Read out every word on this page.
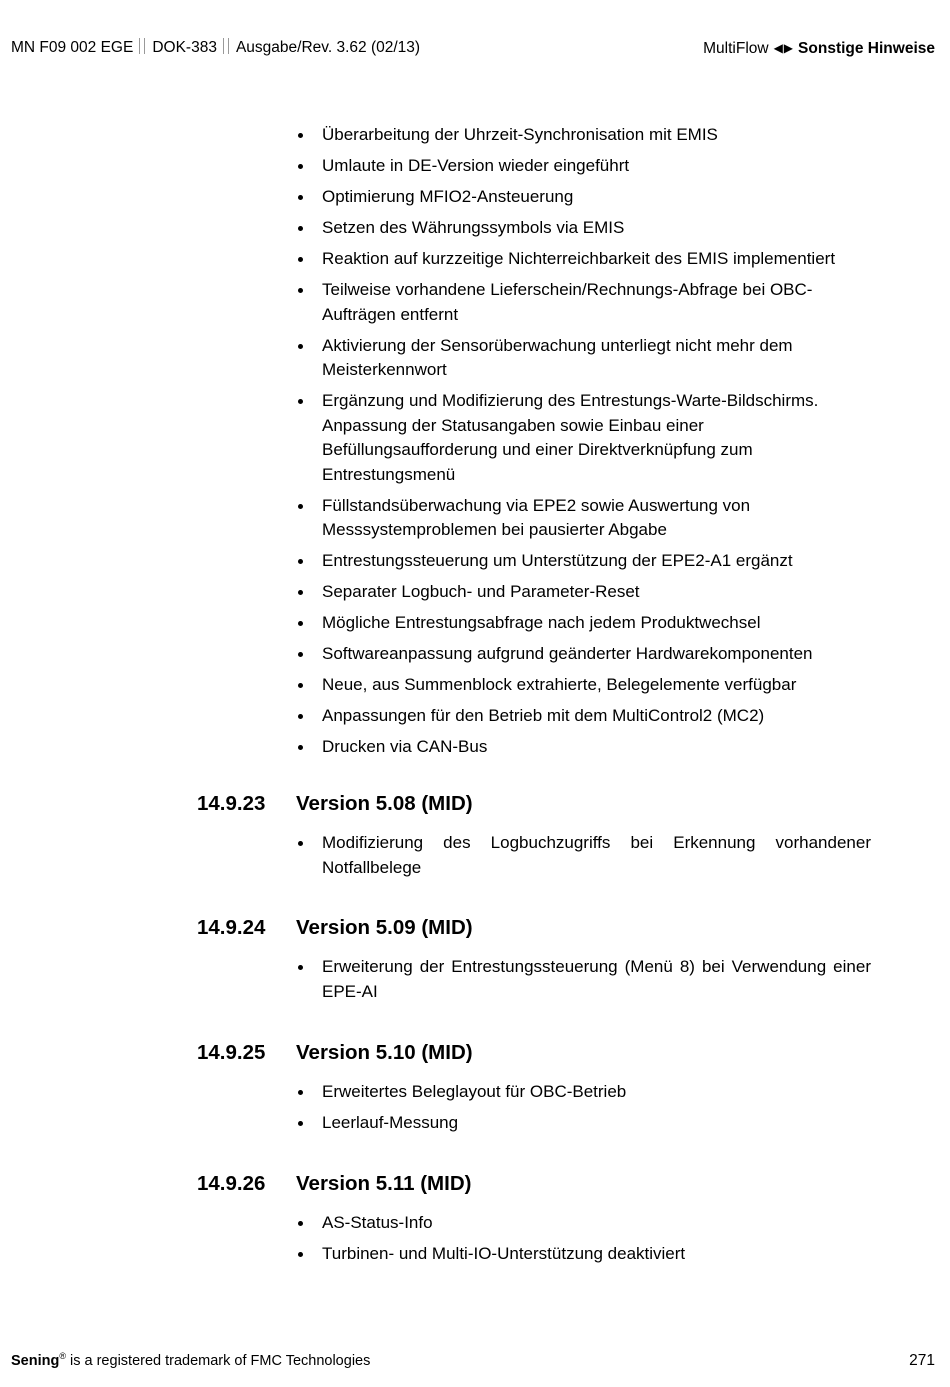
MN F09 002 EGE DOK-383 Ausgabe/Rev. 3.62 (02/13)	MultiFlow ◀▶ Sonstige Hinweise
Überarbeitung der Uhrzeit-Synchronisation mit EMIS
Umlaute in DE-Version wieder eingeführt
Optimierung MFIO2-Ansteuerung
Setzen des Währungssymbols via EMIS
Reaktion auf kurzzeitige Nichterreichbarkeit des EMIS implementiert
Teilweise vorhandene Lieferschein/Rechnungs-Abfrage bei OBC-Aufträgen entfernt
Aktivierung der Sensorüberwachung unterliegt nicht mehr dem Meisterkennwort
Ergänzung und Modifizierung des Entrestungs-Warte-Bildschirms. Anpassung der Statusangaben sowie Einbau einer Befüllungsaufforderung und einer Direktverknüpfung zum Entrestungsmenü
Füllstandsüberwachung via EPE2 sowie Auswertung von Messsystemproblemen bei pausierter Abgabe
Entrestungssteuerung um Unterstützung der EPE2-A1 ergänzt
Separater Logbuch- und Parameter-Reset
Mögliche Entrestungsabfrage nach jedem Produktwechsel
Softwareanpassung aufgrund geänderter Hardwarekomponenten
Neue, aus Summenblock extrahierte, Belegelemente verfügbar
Anpassungen für den Betrieb mit dem MultiControl2 (MC2)
Drucken via CAN-Bus
14.9.23 Version 5.08 (MID)
Modifizierung des Logbuchzugriffs bei Erkennung vorhandener Notfallbelege
14.9.24 Version 5.09 (MID)
Erweiterung der Entrestungssteuerung (Menü 8) bei Verwendung einer EPE-AI
14.9.25 Version 5.10 (MID)
Erweitertes Beleglayout für OBC-Betrieb
Leerlauf-Messung
14.9.26 Version 5.11 (MID)
AS-Status-Info
Turbinen- und Multi-IO-Unterstützung deaktiviert
Sening® is a registered trademark of FMC Technologies	271
